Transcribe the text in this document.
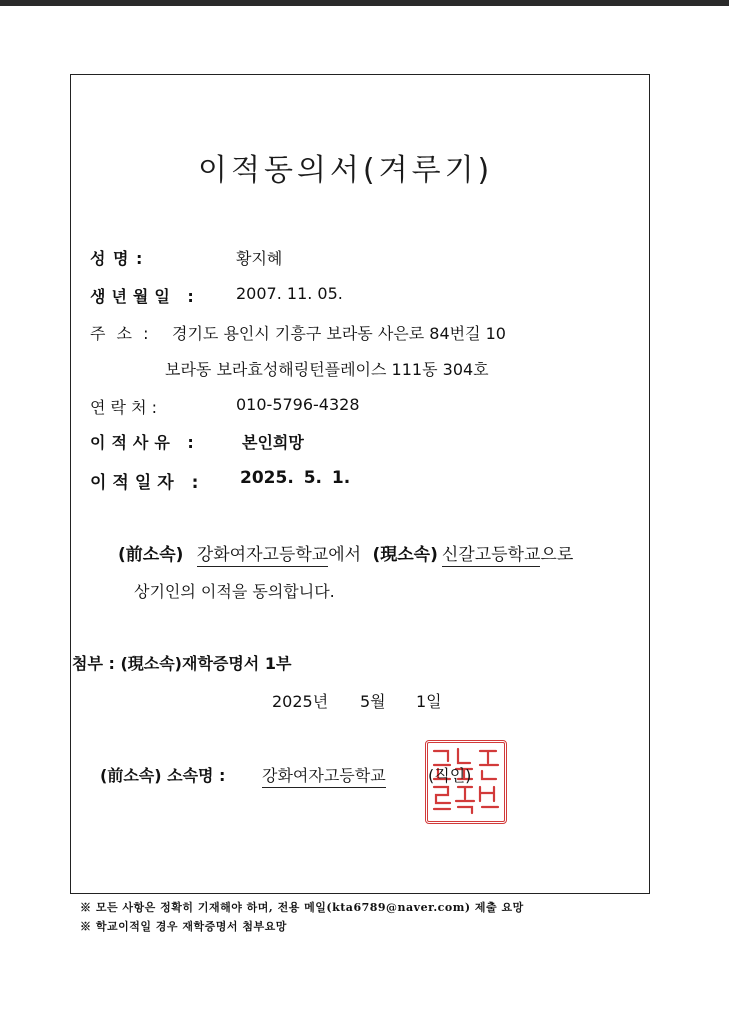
이적동의서(겨루기)
성 명 :	황지혜
생년월일 : 2007. 11. 05.
주 소 : 경기도 용인시 기흥구 보라동 사은로 84번길 10
보라동 보라효성해링턴플레이스 111동 304호
연 락 처 :	010-5796-4328
이적사유 :	본인희망
이적일자 : 2025. 5. 1.
(前소속) 강화여자고등학교에서 (現소속) 신갈고등학교으로
상기인의 이적을 동의합니다.
첨부 : (現소속)재학증명서 1부
2025년 5월 1일
(前소속) 소속명 : 강화여자고등학교	(직인)
※ 모든 사항은 정확히 기재해야 하며, 전용 메일(kta6789@naver.com) 제출 요망
※ 학교이적일 경우 재학증명서 첨부요망
